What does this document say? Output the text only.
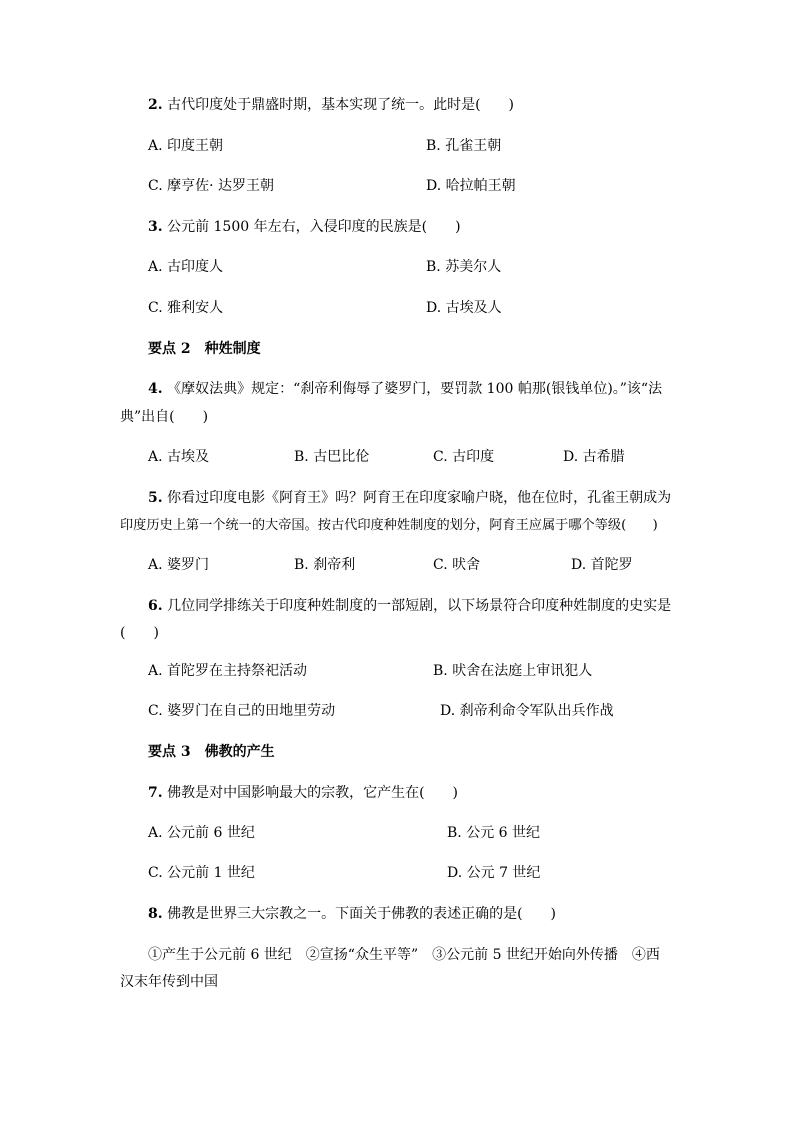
2. 古代印度处于鼎盛时期，基本实现了统一。此时是(　　)
A. 印度王朝	B. 孔雀王朝
C. 摩亨佐· 达罗王朝	D. 哈拉帕王朝
3. 公元前 1500 年左右，入侵印度的民族是(　　)
A. 古印度人	B. 苏美尔人
C. 雅利安人	D. 古埃及人
要点 2　种姓制度
4. 《摩奴法典》规定：“刹帝利侮辱了婆罗门，要罚款 100 帕那(银钱单位)。”该“法
典”出自(　　)
A. 古埃及	B. 古巴比伦	C. 古印度	D. 古希腊
5. 你看过印度电影《阿育王》吗？阿育王在印度家喻户晓，他在位时，孔雀王朝成为
印度历史上第一个统一的大帝国。按古代印度种姓制度的划分，阿育王应属于哪个等级(　　)
A. 婆罗门	B. 刹帝利	C. 吠舍	D. 首陀罗
6. 几位同学排练关于印度种姓制度的一部短剧，以下场景符合印度种姓制度的史实是
(　　)
A. 首陀罗在主持祭祀活动	B. 吠舍在法庭上审讯犯人
C. 婆罗门在自己的田地里劳动	D. 刹帝利命令军队出兵作战
要点 3　佛教的产生
7. 佛教是对中国影响最大的宗教，它产生在(　　)
A. 公元前 6 世纪	B. 公元 6 世纪
C. 公元前 1 世纪	D. 公元 7 世纪
8. 佛教是世界三大宗教之一。下面关于佛教的表述正确的是(　　)
①产生于公元前 6 世纪　②宣扬“众生平等”　③公元前 5 世纪开始向外传播　④西
汉末年传到中国
